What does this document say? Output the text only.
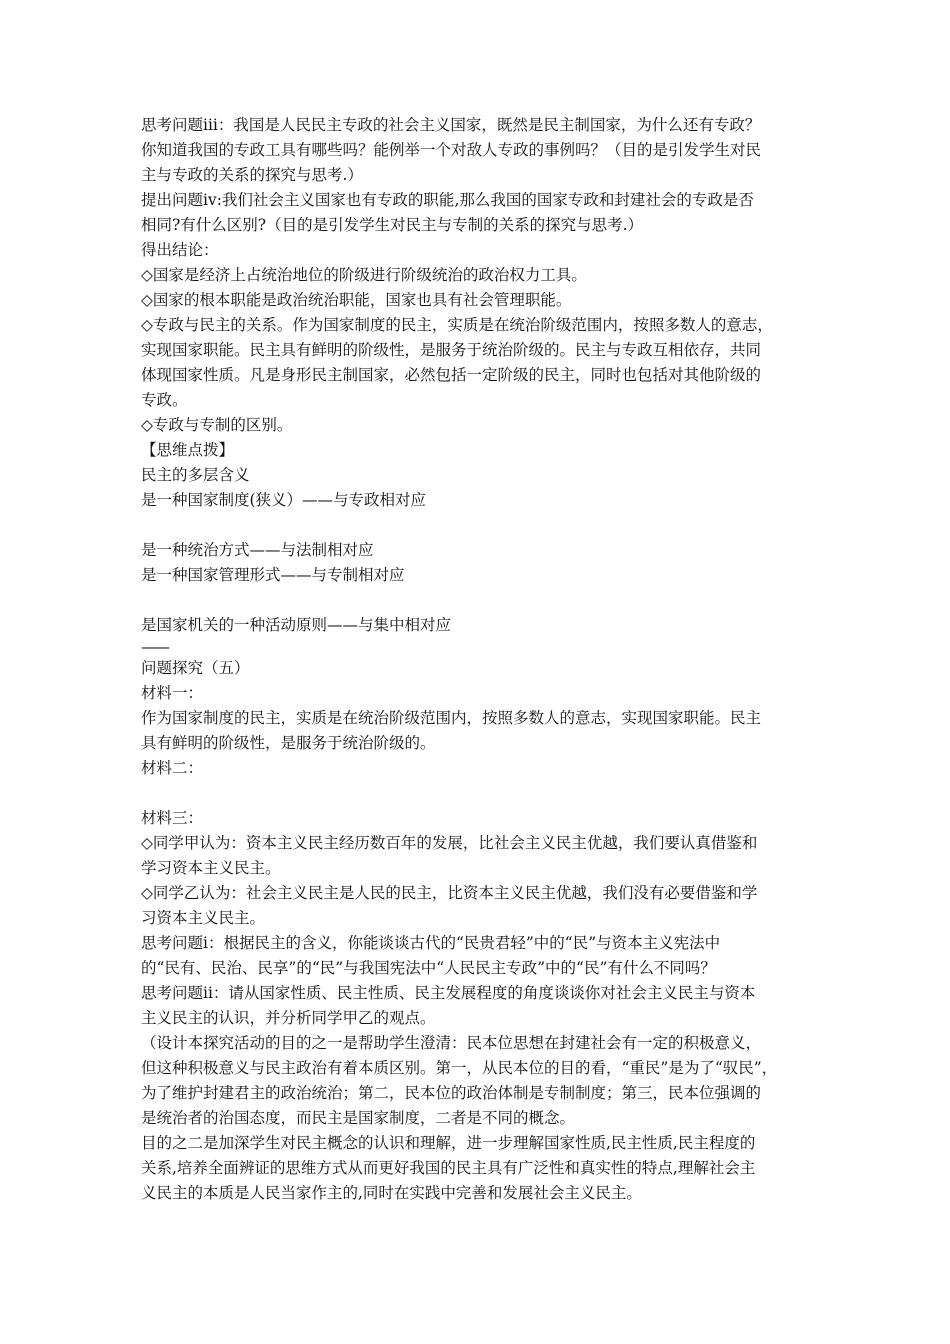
思考问题ⅲ：我国是人民民主专政的社会主义国家，既然是民主制国家，为什么还有专政？
你知道我国的专政工具有哪些吗？能例举一个对敌人专政的事例吗？（目的是引发学生对民
主与专政的关系的探究与思考.）
提出问题ⅳ:我们社会主义国家也有专政的职能,那么我国的国家专政和封建社会的专政是否
相同?有什么区别?（目的是引发学生对民主与专制的关系的探究与思考.）
得出结论：
◇国家是经济上占统治地位的阶级进行阶级统治的政治权力工具。
◇国家的根本职能是政治统治职能，国家也具有社会管理职能。
◇专政与民主的关系。作为国家制度的民主，实质是在统治阶级范围内，按照多数人的意志，
实现国家职能。民主具有鲜明的阶级性，是服务于统治阶级的。民主与专政互相依存，共同
体现国家性质。凡是身形民主制国家，必然包括一定阶级的民主，同时也包括对其他阶级的
专政。
◇专政与专制的区别。
【思维点拨】
民主的多层含义
是一种国家制度(狭义）——与专政相对应
是一种统治方式——与法制相对应
是一种国家管理形式——与专制相对应
是国家机关的一种活动原则——与集中相对应
——
问题探究（五）
材料一：
作为国家制度的民主，实质是在统治阶级范围内，按照多数人的意志，实现国家职能。民主
具有鲜明的阶级性，是服务于统治阶级的。
材料二：
材料三：
◇同学甲认为：资本主义民主经历数百年的发展，比社会主义民主优越，我们要认真借鉴和
学习资本主义民主。
◇同学乙认为：社会主义民主是人民的民主，比资本主义民主优越，我们没有必要借鉴和学
习资本主义民主。
思考问题ⅰ：根据民主的含义，你能谈谈古代的“民贵君轻”中的“民”与资本主义宪法中
的“民有、民治、民享”的“民”与我国宪法中“人民民主专政”中的“民”有什么不同吗？
思考问题ⅱ：请从国家性质、民主性质、民主发展程度的角度谈谈你对社会主义民主与资本
主义民主的认识，并分析同学甲乙的观点。
（设计本探究活动的目的之一是帮助学生澄清：民本位思想在封建社会有一定的积极意义，
但这种积极意义与民主政治有着本质区别。第一，从民本位的目的看，“重民”是为了“驭民”，
为了维护封建君主的政治统治；第二，民本位的政治体制是专制制度；第三，民本位强调的
是统治者的治国态度，而民主是国家制度，二者是不同的概念。
目的之二是加深学生对民主概念的认识和理解，进一步理解国家性质,民主性质,民主程度的
关系,培养全面辨证的思维方式从而更好我国的民主具有广泛性和真实性的特点,理解社会主
义民主的本质是人民当家作主的,同时在实践中完善和发展社会主义民主。
